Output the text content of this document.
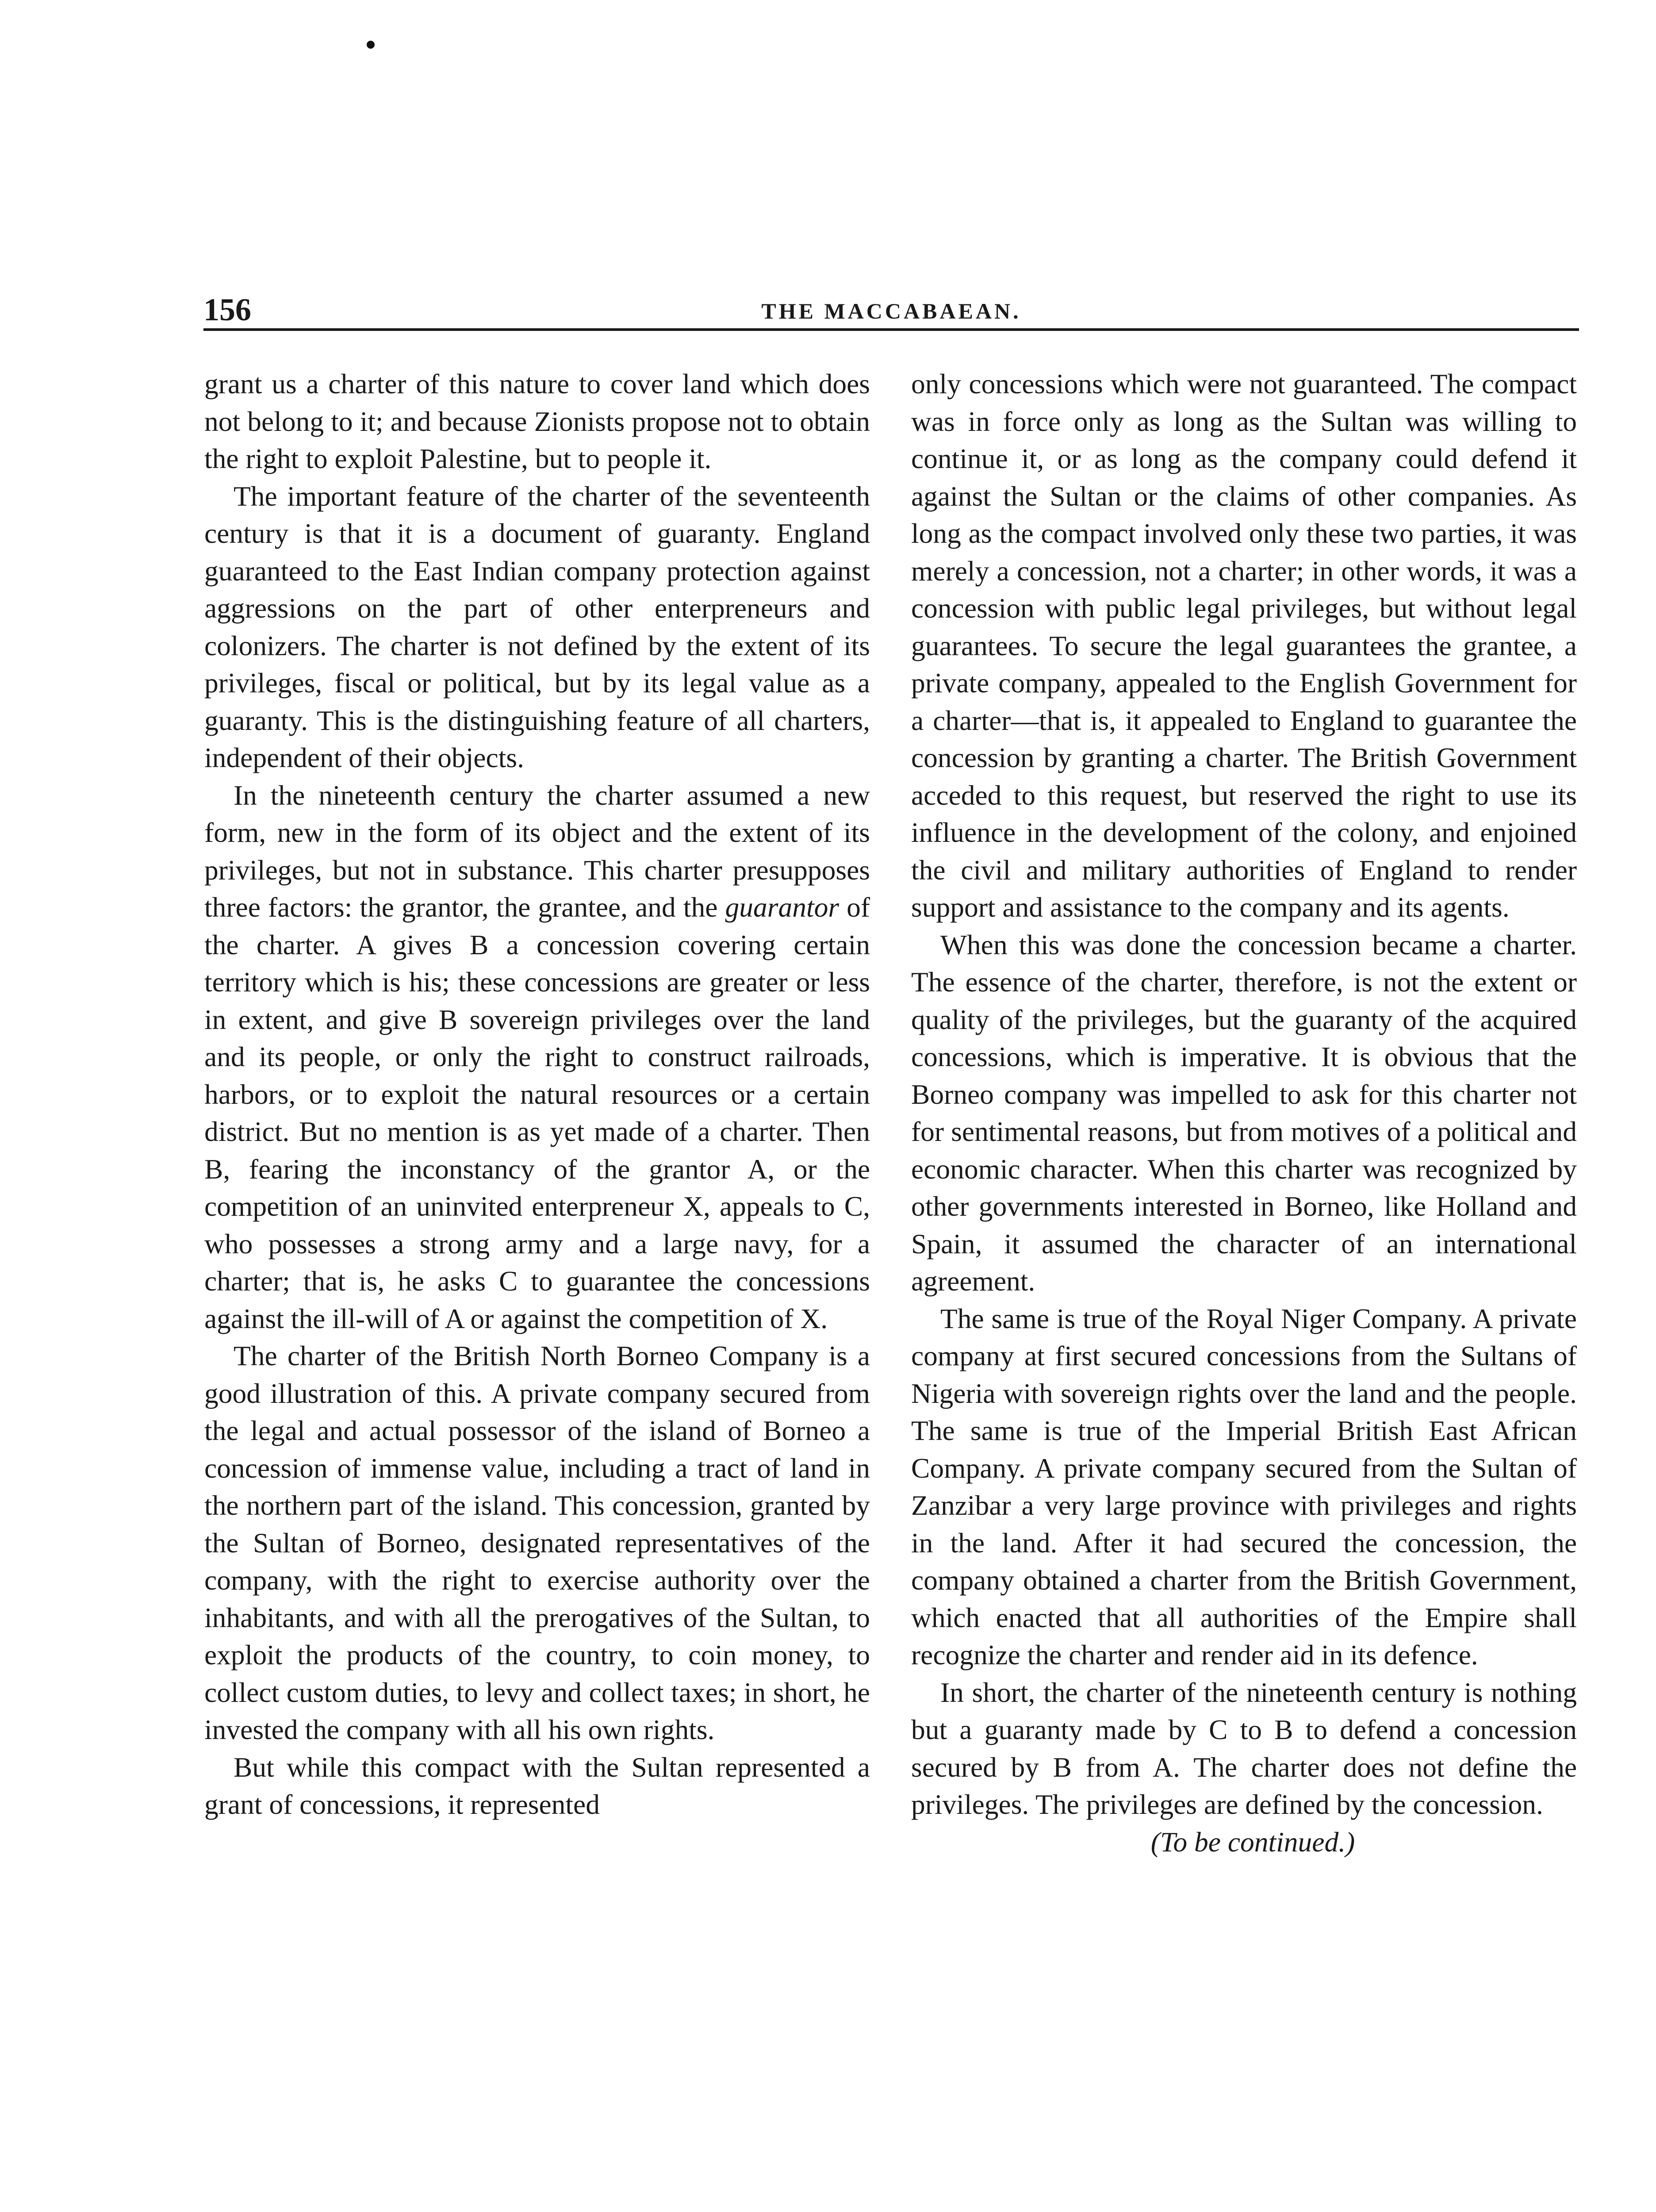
156	THE MACCABAEAN.

grant us a charter of this nature to cover land which does not belong to it; and because Zionists propose not to obtain the right to exploit Palestine, but to people it.

The important feature of the charter of the seventeenth century is that it is a document of guaranty. England guaranteed to the East Indian company protection against aggressions on the part of other enterpreneurs and colonizers. The charter is not defined by the extent of its privileges, fiscal or political, but by its legal value as a guaranty. This is the distinguishing feature of all charters, independent of their objects.

In the nineteenth century the charter assumed a new form, new in the form of its object and the extent of its privileges, but not in substance. This charter presupposes three factors: the grantor, the grantee, and the guarantor of the charter. A gives B a concession covering certain territory which is his; these concessions are greater or less in extent, and give B sovereign privileges over the land and its people, or only the right to construct railroads, harbors, or to exploit the natural resources or a certain district. But no mention is as yet made of a charter. Then B, fearing the inconstancy of the grantor A, or the competition of an uninvited enterpreneur X, appeals to C, who possesses a strong army and a large navy, for a charter; that is, he asks C to guarantee the concessions against the ill-will of A or against the competition of X.

The charter of the British North Borneo Company is a good illustration of this. A private company secured from the legal and actual possessor of the island of Borneo a concession of immense value, including a tract of land in the northern part of the island. This concession, granted by the Sultan of Borneo, designated representatives of the company, with the right to exercise authority over the inhabitants, and with all the prerogatives of the Sultan, to exploit the products of the country, to coin money, to collect custom duties, to levy and collect taxes; in short, he invested the company with all his own rights.

But while this compact with the Sultan represented a grant of concessions, it represented

only concessions which were not guaranteed. The compact was in force only as long as the Sultan was willing to continue it, or as long as the company could defend it against the Sultan or the claims of other companies. As long as the compact involved only these two parties, it was merely a concession, not a charter; in other words, it was a concession with public legal privileges, but without legal guarantees. To secure the legal guarantees the grantee, a private company, appealed to the English Government for a charter—that is, it appealed to England to guarantee the concession by granting a charter. The British Government acceded to this request, but reserved the right to use its influence in the development of the colony, and enjoined the civil and military authorities of England to render support and assistance to the company and its agents.

When this was done the concession became a charter. The essence of the charter, therefore, is not the extent or quality of the privileges, but the guaranty of the acquired concessions, which is imperative. It is obvious that the Borneo company was impelled to ask for this charter not for sentimental reasons, but from motives of a political and economic character. When this charter was recognized by other governments interested in Borneo, like Holland and Spain, it assumed the character of an international agreement.

The same is true of the Royal Niger Company. A private company at first secured concessions from the Sultans of Nigeria with sovereign rights over the land and the people. The same is true of the Imperial British East African Company. A private company secured from the Sultan of Zanzibar a very large province with privileges and rights in the land. After it had secured the concession, the company obtained a charter from the British Government, which enacted that all authorities of the Empire shall recognize the charter and render aid in its defence.

In short, the charter of the nineteenth century is nothing but a guaranty made by C to B to defend a concession secured by B from A. The charter does not define the privileges. The privileges are defined by the concession.

(To be continued.)
